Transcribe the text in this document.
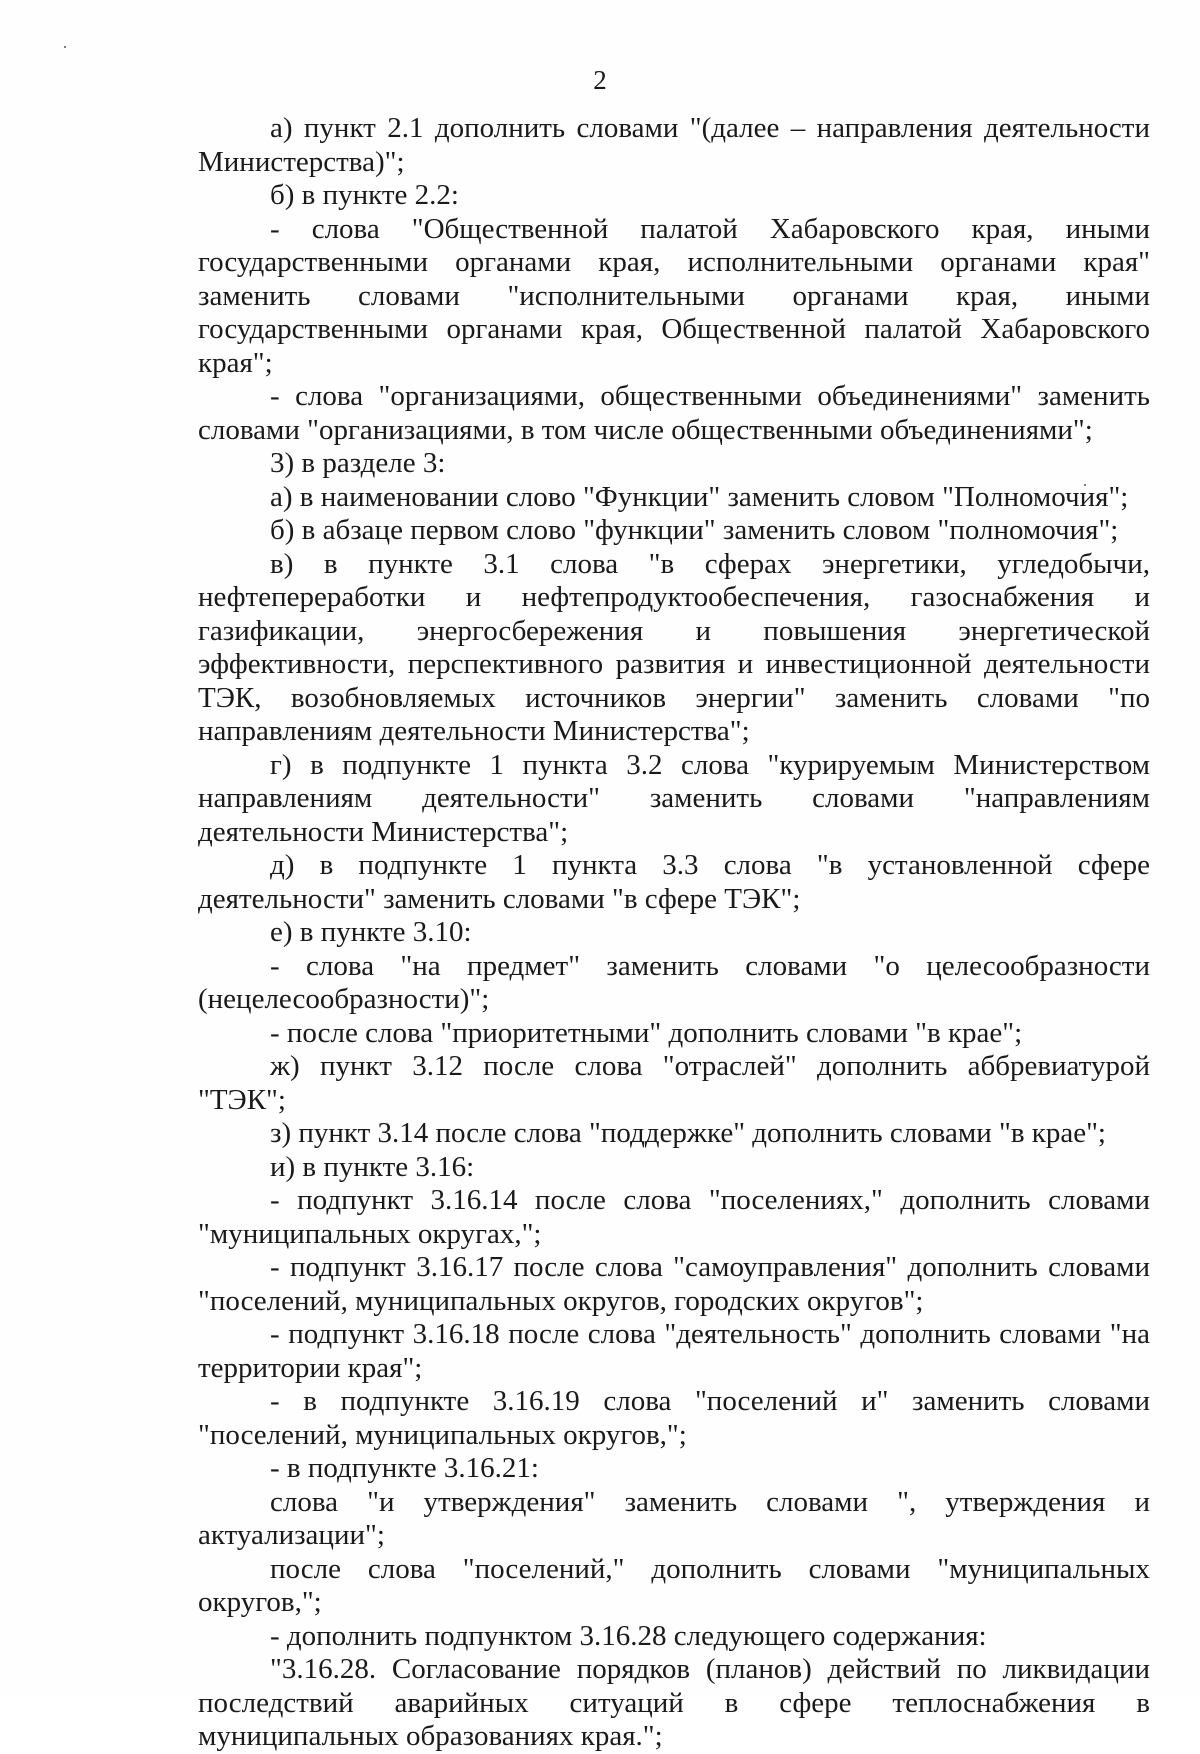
2

а) пункт 2.1 дополнить словами "(далее – направления деятельности Министерства)";

б) в пункте 2.2:

- слова "Общественной палатой Хабаровского края, иными государственными органами края, исполнительными органами края" заменить словами "исполнительными органами края, иными государственными органами края, Общественной палатой Хабаровского края";

- слова "организациями, общественными объединениями" заменить словами "организациями, в том числе общественными объединениями";

3) в разделе 3:

а) в наименовании слово "Функции" заменить словом "Полномочия";

б) в абзаце первом слово "функции" заменить словом "полномочия";

в) в пункте 3.1 слова "в сферах энергетики, угледобычи, нефтепереработки и нефтепродуктообеспечения, газоснабжения и газификации, энергосбережения и повышения энергетической эффективности, перспективного развития и инвестиционной деятельности ТЭК, возобновляемых источников энергии" заменить словами "по направлениям деятельности Министерства";

г) в подпункте 1 пункта 3.2 слова "курируемым Министерством направлениям деятельности" заменить словами "направлениям деятельности Министерства";

д) в подпункте 1 пункта 3.3 слова "в установленной сфере деятельности" заменить словами "в сфере ТЭК";

е) в пункте 3.10:

- слова "на предмет" заменить словами "о целесообразности (нецелесообразности)";

- после слова "приоритетными" дополнить словами "в крае";

ж) пункт 3.12 после слова "отраслей" дополнить аббревиатурой "ТЭК";

з) пункт 3.14 после слова "поддержке" дополнить словами "в крае";

и) в пункте 3.16:

- подпункт 3.16.14 после слова "поселениях," дополнить словами "муниципальных округах,";

- подпункт 3.16.17 после слова "самоуправления" дополнить словами "поселений, муниципальных округов, городских округов";

- подпункт 3.16.18 после слова "деятельность" дополнить словами "на территории края";

- в подпункте 3.16.19 слова "поселений и" заменить словами "поселений, муниципальных округов,";

- в подпункте 3.16.21:

слова "и утверждения" заменить словами ", утверждения и актуализации";

после слова "поселений," дополнить словами "муниципальных округов,";

- дополнить подпунктом 3.16.28 следующего содержания:

"3.16.28. Согласование порядков (планов) действий по ликвидации последствий аварийных ситуаций в сфере теплоснабжения в муниципальных образованиях края.";
